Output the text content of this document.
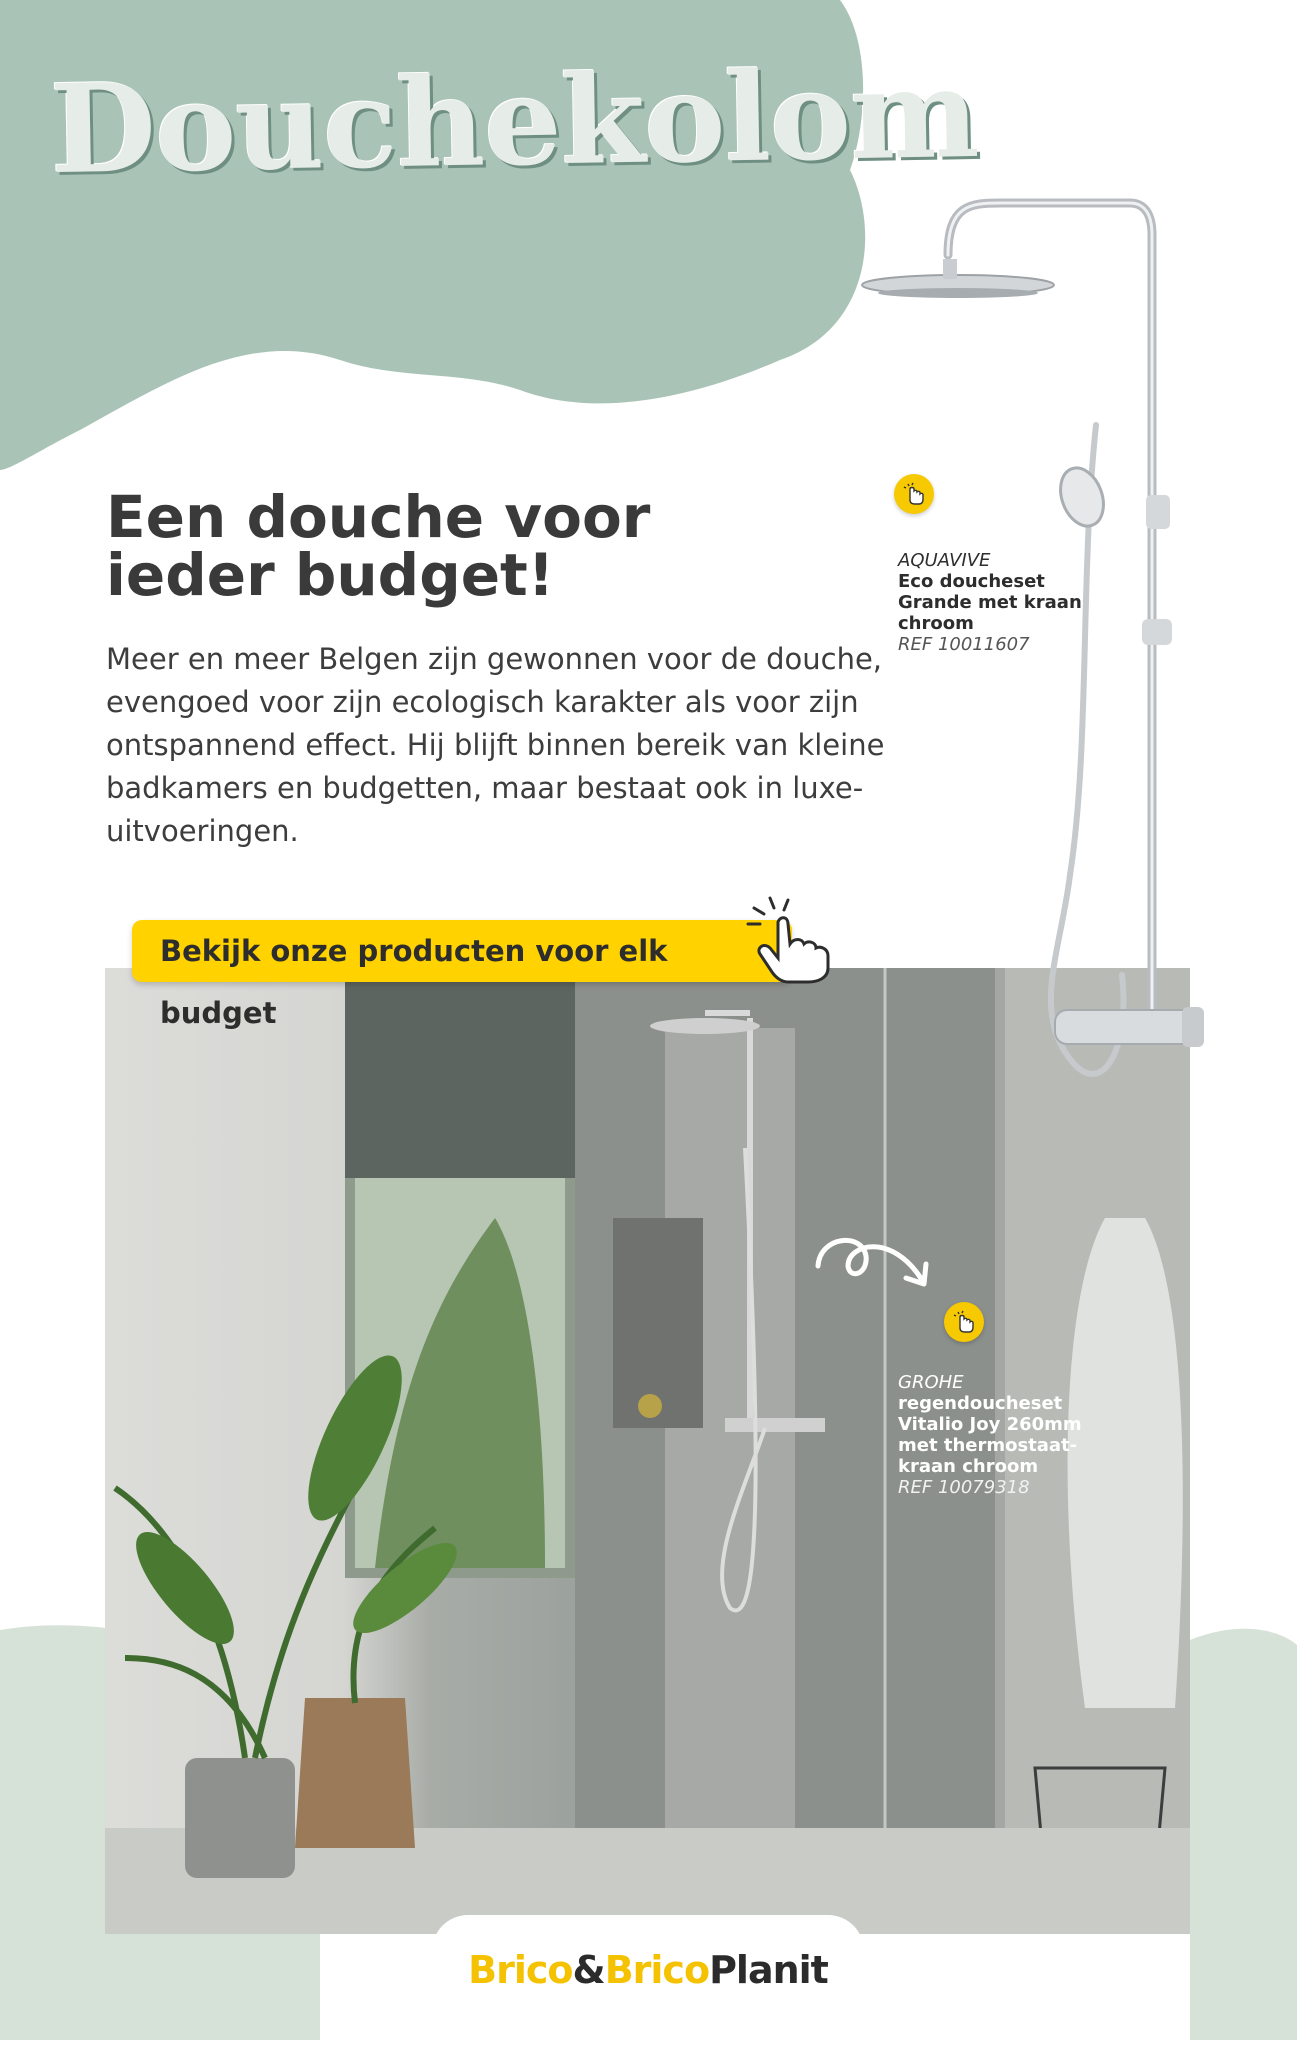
Douchekolom
Een douche voor ieder budget!
Meer en meer Belgen zijn gewonnen voor de douche, evengoed voor zijn ecologisch karakter als voor zijn ontspannend effect. Hij blijft binnen bereik van kleine badkamers en budgetten, maar bestaat ook in luxe-uitvoeringen.
Bekijk onze producten voor elk budget
AQUAVIVE
Eco doucheset Grande met kraan chroom
REF 10011607
GROHE
regendoucheset Vitalio Joy 260mm met thermostaat-kraan chroom
REF 10079318
Brico&BricoPlanit
